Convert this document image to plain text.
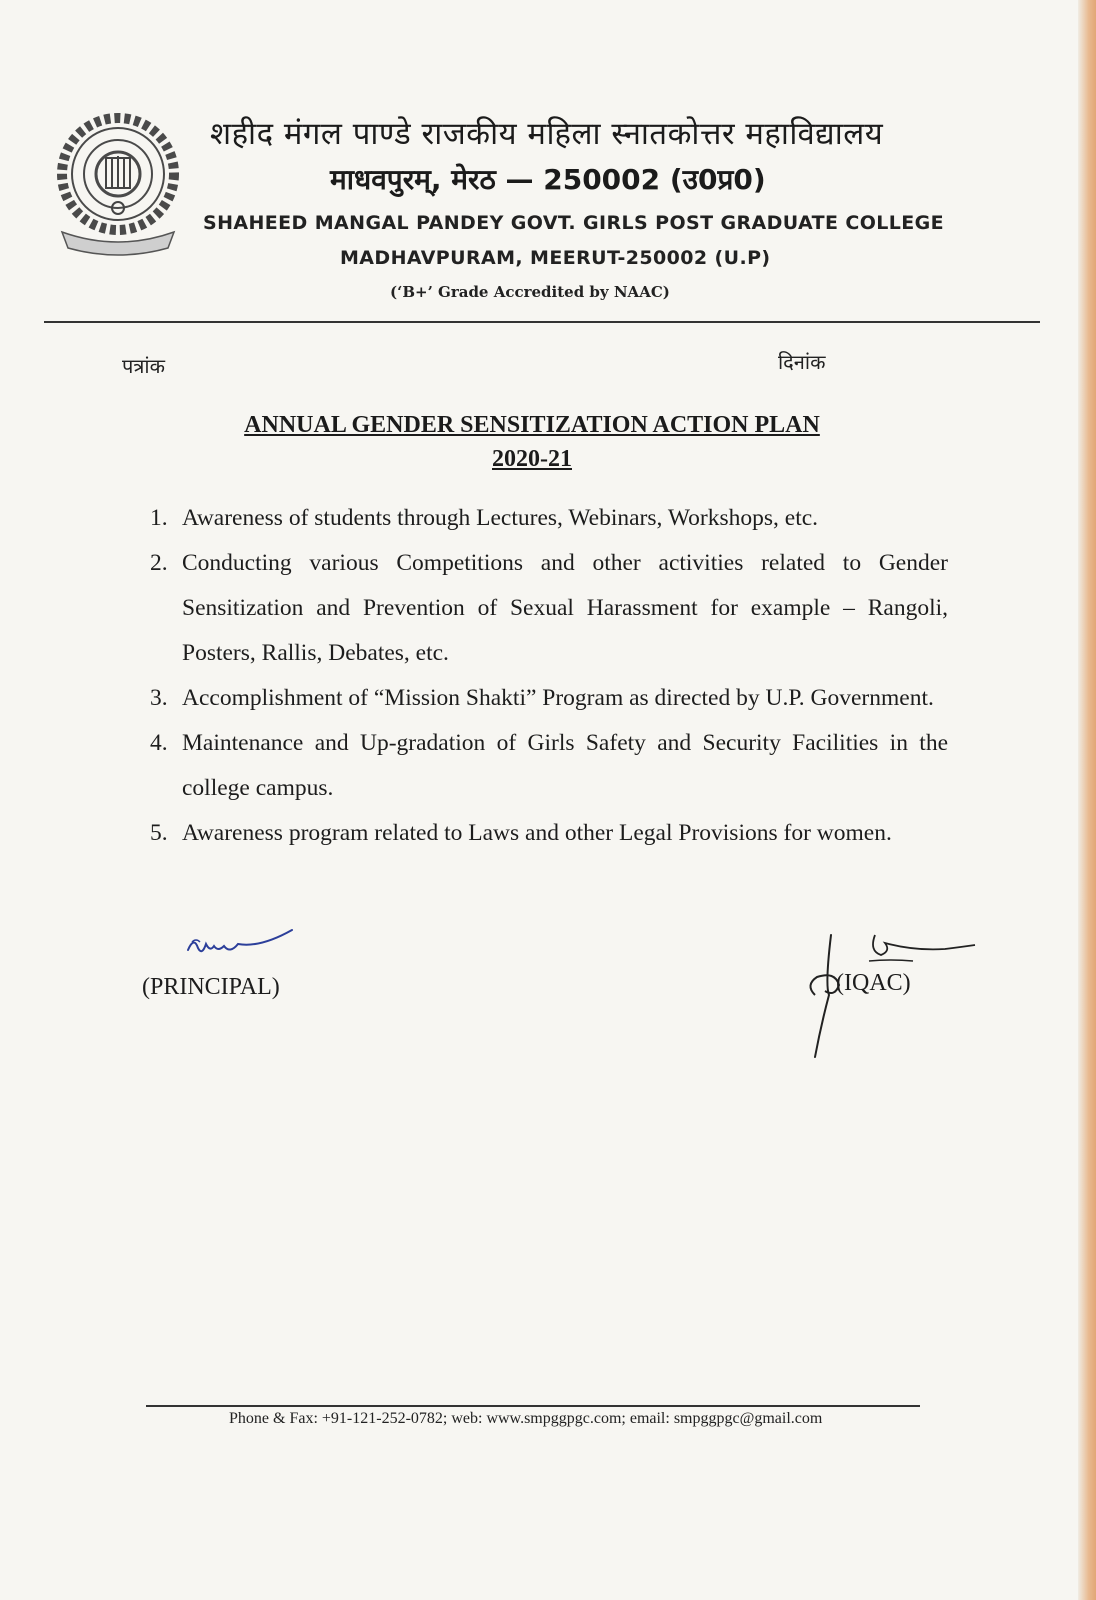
शहीद मंगल पाण्डे राजकीय महिला स्नातकोत्तर महाविद्यालय
माधवपुरम्, मेरठ — 250002 (उ0प्र0)
SHAHEED MANGAL PANDEY GOVT. GIRLS POST GRADUATE COLLEGE
MADHAVPURAM, MEERUT-250002 (U.P)
(‘B+’ Grade Accredited by NAAC)
पत्रांक	दिनांक
ANNUAL GENDER SENSITIZATION ACTION PLAN
2020-21

1. Awareness of students through Lectures, Webinars, Workshops, etc.

2. Conducting various Competitions and other activities related to Gender Sensitization and Prevention of Sexual Harassment for example – Rangoli, Posters, Rallis, Debates, etc.

3. Accomplishment of “Mission Shakti” Program as directed by U.P. Government.

4. Maintenance and Up-gradation of Girls Safety and Security Facilities in the college campus.

5. Awareness program related to Laws and other Legal Provisions for women.

(PRINCIPAL)	(IQAC)
Phone & Fax: +91-121-252-0782; web: www.smpggpgc.com; email: smpggpgc@gmail.com
